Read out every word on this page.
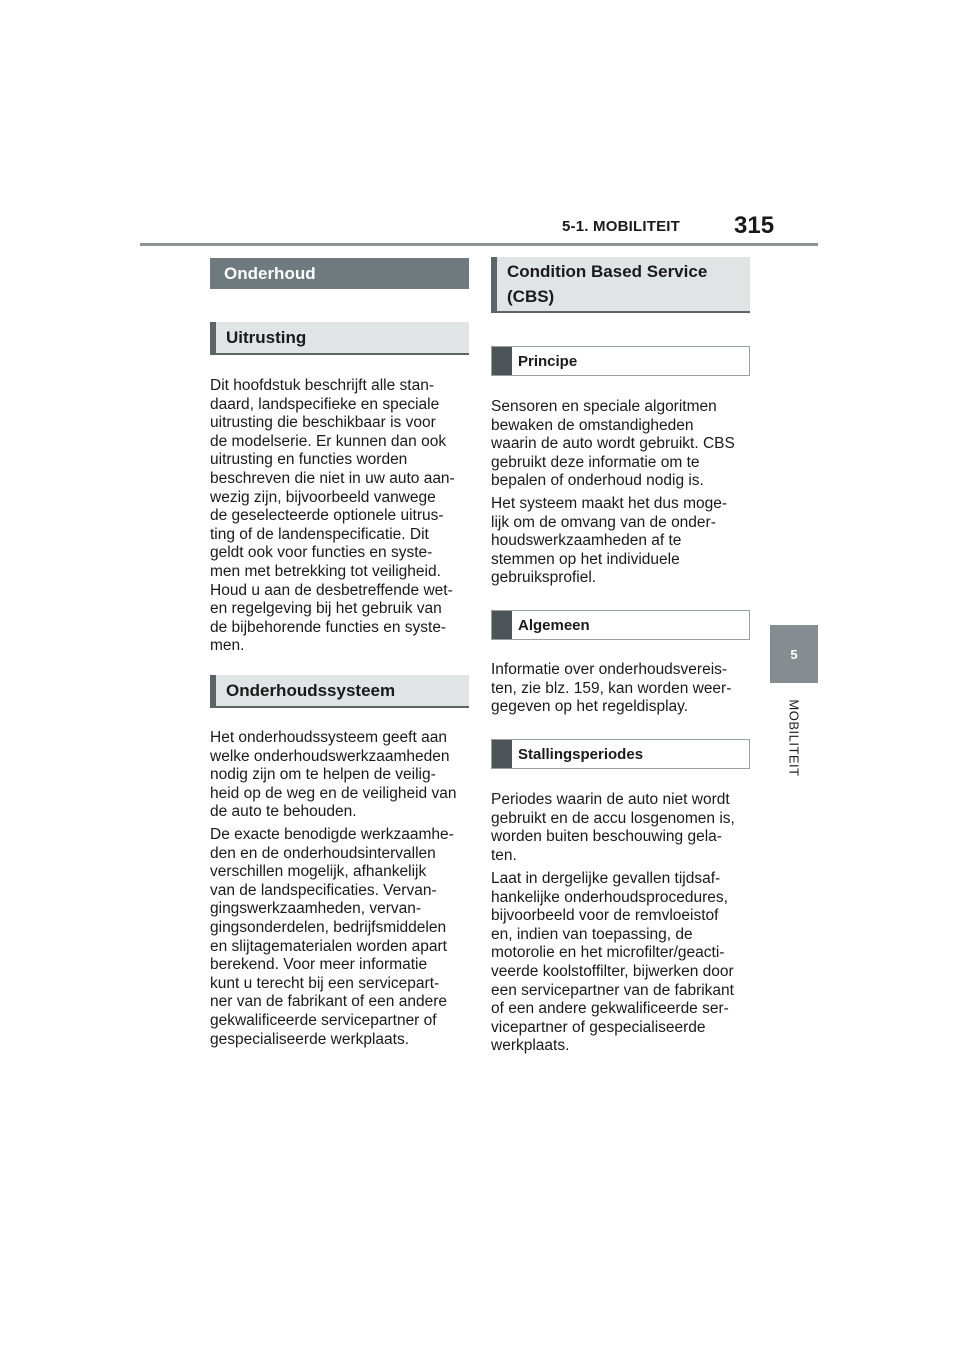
5-1. MOBILITEIT 315
5
MOBILITEIT
Onderhoud
Uitrusting

Dit hoofdstuk beschrijft alle stan-
daard, landspecifieke en speciale
uitrusting die beschikbaar is voor
de modelserie. Er kunnen dan ook
uitrusting en functies worden
beschreven die niet in uw auto aan-
wezig zijn, bijvoorbeeld vanwege
de geselecteerde optionele uitrus-
ting of de landenspecificatie. Dit
geldt ook voor functies en syste-
men met betrekking tot veiligheid.
Houd u aan de desbetreffende wet-
en regelgeving bij het gebruik van
de bijbehorende functies en syste-
men.

Onderhoudssysteem

Het onderhoudssysteem geeft aan
welke onderhoudswerkzaamheden
nodig zijn om te helpen de veilig-
heid op de weg en de veiligheid van
de auto te behouden.

De exacte benodigde werkzaamhe-
den en de onderhoudsintervallen
verschillen mogelijk, afhankelijk
van de landspecificaties. Vervan-
gingswerkzaamheden, vervan-
gingsonderdelen, bedrijfsmiddelen
en slijtagematerialen worden apart
berekend. Voor meer informatie
kunt u terecht bij een servicepart-
ner van de fabrikant of een andere
gekwalificeerde servicepartner of
gespecialiseerde werkplaats.

Condition Based Service
(CBS)
Principe

Sensoren en speciale algoritmen
bewaken de omstandigheden
waarin de auto wordt gebruikt. CBS
gebruikt deze informatie om te
bepalen of onderhoud nodig is.

Het systeem maakt het dus moge-
lijk om de omvang van de onder-
houdswerkzaamheden af te
stemmen op het individuele
gebruiksprofiel.

Algemeen

Informatie over onderhoudsvereis-
ten, zie blz. 159, kan worden weer-
gegeven op het regeldisplay.

Stallingsperiodes

Periodes waarin de auto niet wordt
gebruikt en de accu losgenomen is,
worden buiten beschouwing gela-
ten.

Laat in dergelijke gevallen tijdsaf-
hankelijke onderhoudsprocedures,
bijvoorbeeld voor de remvloeistof
en, indien van toepassing, de
motorolie en het microfilter/geacti-
veerde koolstoffilter, bijwerken door
een servicepartner van de fabrikant
of een andere gekwalificeerde ser-
vicepartner of gespecialiseerde
werkplaats.
